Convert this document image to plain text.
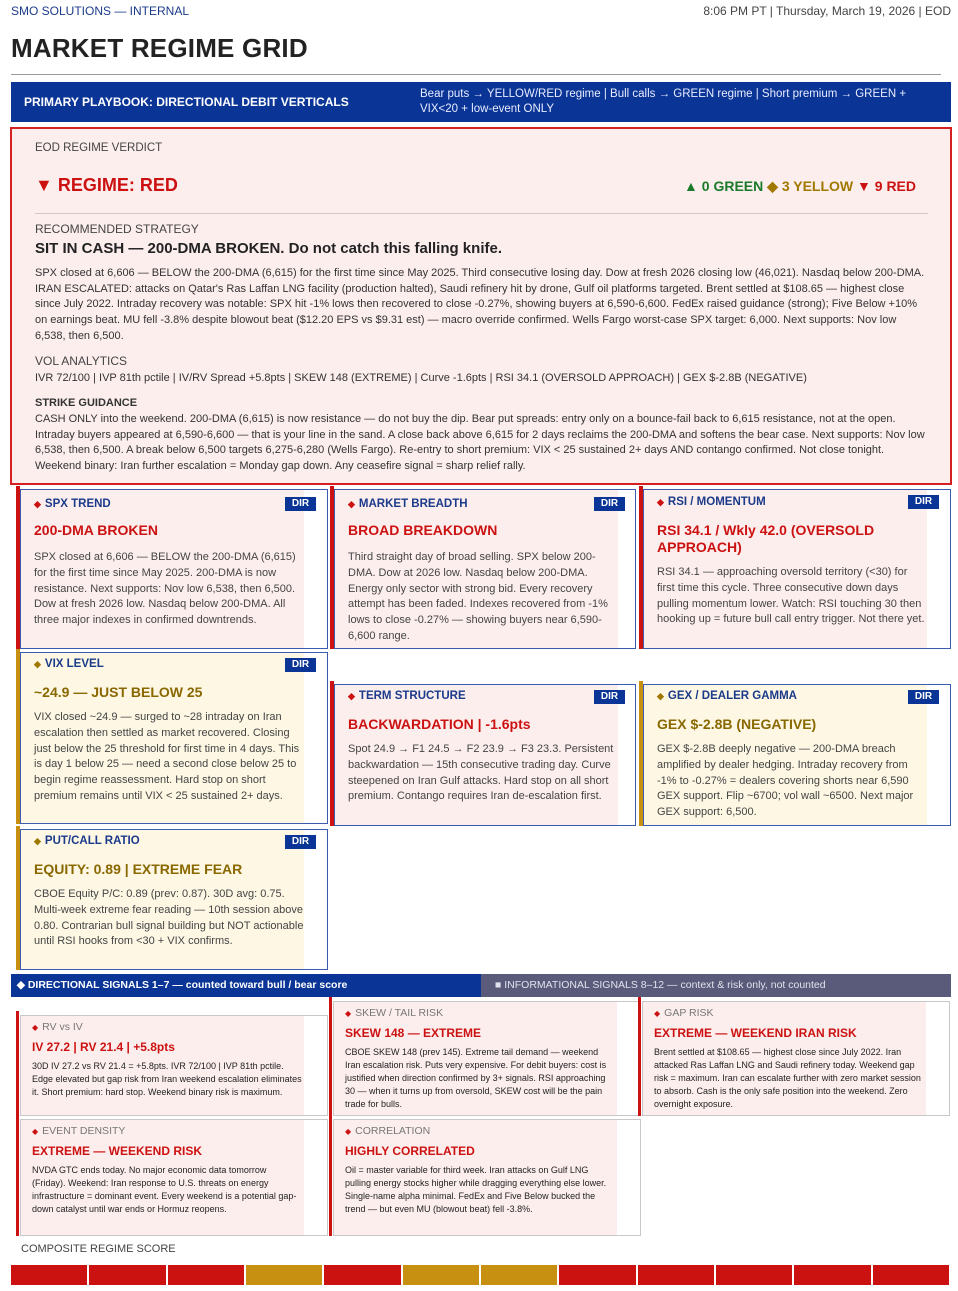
SMO SOLUTIONS — INTERNAL	8:06 PM PT | Thursday, March 19, 2026 | EOD
MARKET REGIME GRID
PRIMARY PLAYBOOK: DIRECTIONAL DEBIT VERTICALS
Bear puts → YELLOW/RED regime | Bull calls → GREEN regime | Short premium → GREEN + VIX<20 + low-event ONLY
EOD REGIME VERDICT
▼ REGIME: RED	▲ 0 GREEN ◆ 3 YELLOW ▼ 9 RED
RECOMMENDED STRATEGY
SIT IN CASH — 200-DMA BROKEN. Do not catch this falling knife.
SPX closed at 6,606 — BELOW the 200-DMA (6,615) for the first time since May 2025. Third consecutive losing day. Dow at fresh 2026 closing low (46,021). Nasdaq below 200-DMA. IRAN ESCALATED: attacks on Qatar's Ras Laffan LNG facility (production halted), Saudi refinery hit by drone, Gulf oil platforms targeted. Brent settled at $108.65 — highest close since July 2022. Intraday recovery was notable: SPX hit -1% lows then recovered to close -0.27%, showing buyers at 6,590-6,600. FedEx raised guidance (strong); Five Below +10% on earnings beat. MU fell -3.8% despite blowout beat ($12.20 EPS vs $9.31 est) — macro override confirmed. Wells Fargo worst-case SPX target: 6,000. Next supports: Nov low 6,538, then 6,500.
VOL ANALYTICS
IVR 72/100 | IVP 81th pctile | IV/RV Spread +5.8pts | SKEW 148 (EXTREME) | Curve -1.6pts | RSI 34.1 (OVERSOLD APPROACH) | GEX $-2.8B (NEGATIVE)
STRIKE GUIDANCE
CASH ONLY into the weekend. 200-DMA (6,615) is now resistance — do not buy the dip. Bear put spreads: entry only on a bounce-fail back to 6,615 resistance, not at the open. Intraday buyers appeared at 6,590-6,600 — that is your line in the sand. A close back above 6,615 for 2 days reclaims the 200-DMA and softens the bear case. Next supports: Nov low 6,538, then 6,500. A break below 6,500 targets 6,275-6,280 (Wells Fargo). Re-entry to short premium: VIX < 25 sustained 2+ days AND contango confirmed. Not close tonight. Weekend binary: Iran further escalation = Monday gap down. Any ceasefire signal = sharp relief rally.
◆ SPX TREND	DIR
200-DMA BROKEN
SPX closed at 6,606 — BELOW the 200-DMA (6,615) for the first time since May 2025. 200-DMA is now resistance. Next supports: Nov low 6,538, then 6,500. Dow at fresh 2026 low. Nasdaq below 200-DMA. All three major indexes in confirmed downtrends.
◆ MARKET BREADTH	DIR
BROAD BREAKDOWN
Third straight day of broad selling. SPX below 200-DMA. Dow at 2026 low. Nasdaq below 200-DMA. Energy only sector with strong bid. Every recovery attempt has been faded. Indexes recovered from -1% lows to close -0.27% — showing buyers near 6,590-6,600 range.
◆ RSI / MOMENTUM	DIR
RSI 34.1 / Wkly 42.0 (OVERSOLD APPROACH)
RSI 34.1 — approaching oversold territory (<30) for first time this cycle. Three consecutive down days pulling momentum lower. Watch: RSI touching 30 then hooking up = future bull call entry trigger. Not there yet.
◆ VIX LEVEL	DIR
~24.9 — JUST BELOW 25
VIX closed ~24.9 — surged to ~28 intraday on Iran escalation then settled as market recovered. Closing just below the 25 threshold for first time in 4 days. This is day 1 below 25 — need a second close below 25 to begin regime reassessment. Hard stop on short premium remains until VIX < 25 sustained 2+ days.
◆ TERM STRUCTURE	DIR
BACKWARDATION | -1.6pts
Spot 24.9 → F1 24.5 → F2 23.9 → F3 23.3. Persistent backwardation — 15th consecutive trading day. Curve steepened on Iran Gulf attacks. Hard stop on all short premium. Contango requires Iran de-escalation first.
◆ GEX / DEALER GAMMA	DIR
GEX $-2.8B (NEGATIVE)
GEX $-2.8B deeply negative — 200-DMA breach amplified by dealer hedging. Intraday recovery from -1% to -0.27% = dealers covering shorts near 6,590 GEX support. Flip ~6700; vol wall ~6500. Next major GEX support: 6,500.
◆ PUT/CALL RATIO	DIR
EQUITY: 0.89 | EXTREME FEAR
CBOE Equity P/C: 0.89 (prev: 0.87). 30D avg: 0.75. Multi-week extreme fear reading — 10th session above 0.80. Contrarian bull signal building but NOT actionable until RSI hooks from <30 + VIX confirms.
◆ DIRECTIONAL SIGNALS 1–7 — counted toward bull / bear score	■ INFORMATIONAL SIGNALS 8–12 — context & risk only, not counted
◆ RV vs IV
IV 27.2 | RV 21.4 | +5.8pts
30D IV 27.2 vs RV 21.4 = +5.8pts. IVR 72/100 | IVP 81th pctile. Edge elevated but gap risk from Iran weekend escalation eliminates it. Short premium: hard stop. Weekend binary risk is maximum.
◆ SKEW / TAIL RISK
SKEW 148 — EXTREME
CBOE SKEW 148 (prev 145). Extreme tail demand — weekend Iran escalation risk. Puts very expensive. For debit buyers: cost is justified when direction confirmed by 3+ signals. RSI approaching 30 — when it turns up from oversold, SKEW cost will be the pain trade for bulls.
◆ GAP RISK
EXTREME — WEEKEND IRAN RISK
Brent settled at $108.65 — highest close since July 2022. Iran attacked Ras Laffan LNG and Saudi refinery today. Weekend gap risk = maximum. Iran can escalate further with zero market session to absorb. Cash is the only safe position into the weekend. Zero overnight exposure.
◆ EVENT DENSITY
EXTREME — WEEKEND RISK
NVDA GTC ends today. No major economic data tomorrow (Friday). Weekend: Iran response to U.S. threats on energy infrastructure = dominant event. Every weekend is a potential gap-down catalyst until war ends or Hormuz reopens.
◆ CORRELATION
HIGHLY CORRELATED
Oil = master variable for third week. Iran attacks on Gulf LNG pulling energy stocks higher while dragging everything else lower. Single-name alpha minimal. FedEx and Five Below bucked the trend — but even MU (blowout beat) fell -3.8%.
COMPOSITE REGIME SCORE
